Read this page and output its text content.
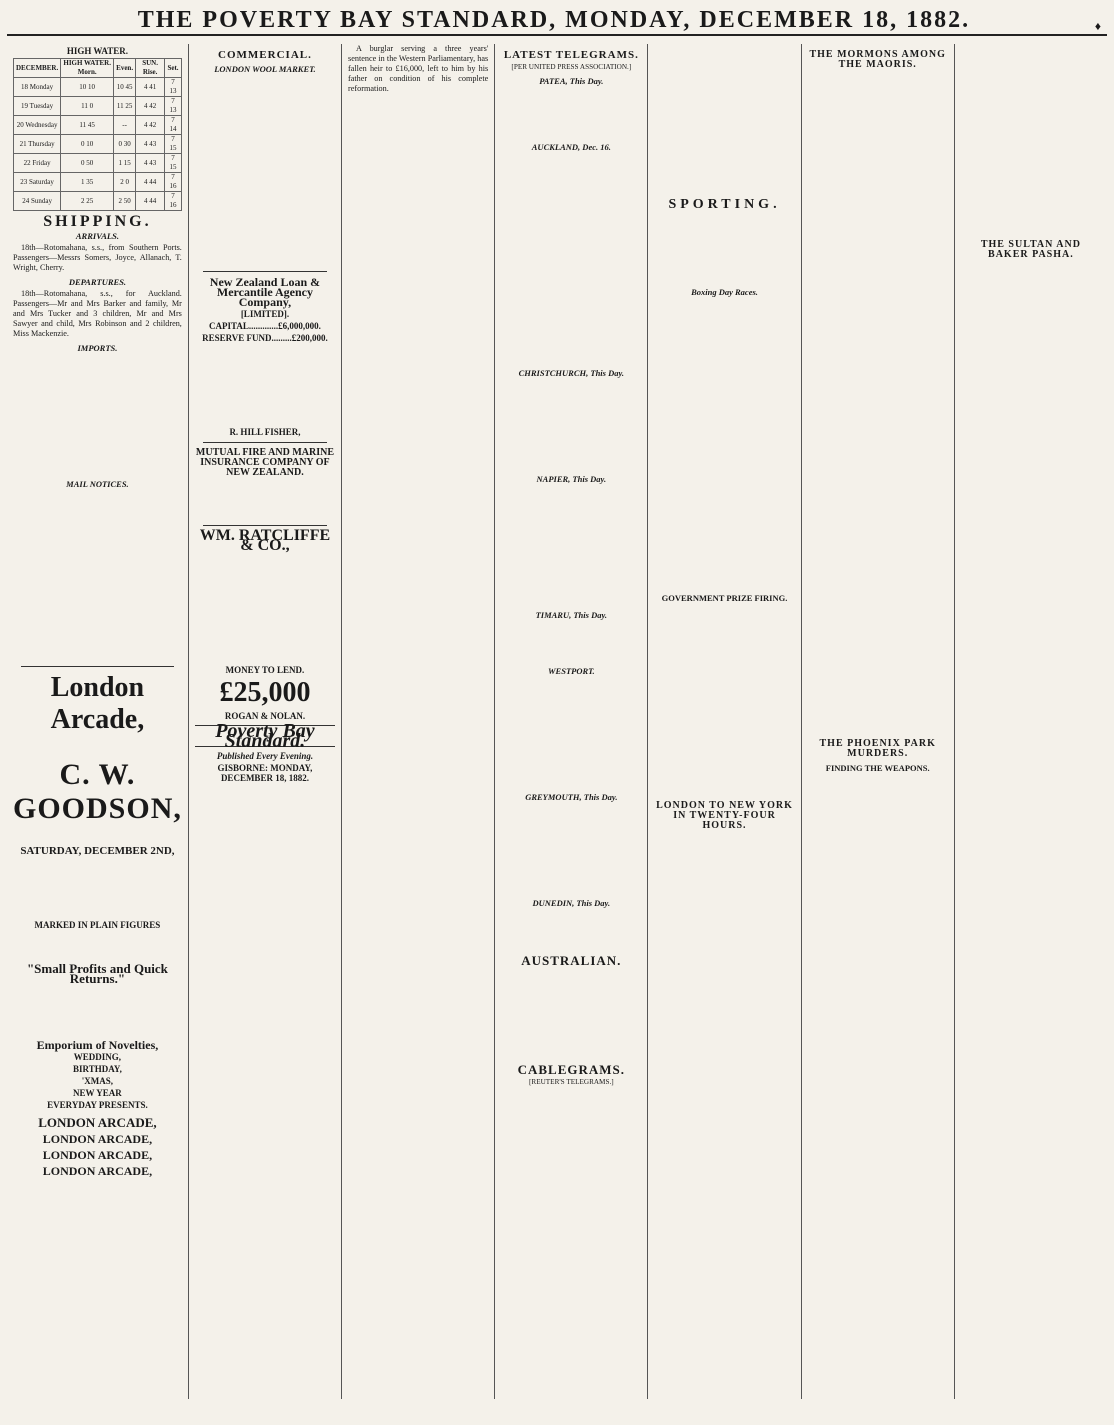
THE POVERTY BAY STANDARD, MONDAY, DECEMBER 18, 1882.	♦
HIGH WATER.
DECEMBER.	HIGH WATER. Morn.	Even.	SUN. Rise.	Set.
18 Monday	10 10	10 45	4 41	7 13
19 Tuesday	11 0	11 25	4 42	7 13
20 Wednesday	11 45	--	4 42	7 14
21 Thursday	0 10	0 30	4 43	7 15
22 Friday	0 50	1 15	4 43	7 15
23 Saturday	1 35	2 0	4 44	7 16
24 Sunday	2 25	2 50	4 44	7 16
SHIPPING.
ARRIVALS.

18th—Rotomahana, s.s., from Southern Ports. Passengers—Messrs Somers, Joyce, Allanach, T. Wright, Cherry.

DEPARTURES.

18th—Rotomahana, s.s., for Auckland. Passengers—Mr and Mrs Barker and family, Mr and Mrs Tucker and 3 children, Mr and Mrs Sawyer and child, Mrs Robinson and 2 children, Miss Mackenzie.

IMPORTS.
MAIL NOTICES.
London Arcade,
C. W. GOODSON,
SATURDAY, DECEMBER 2ND,
MARKED IN PLAIN FIGURES
"Small Profits and Quick Returns."
Emporium of Novelties,
WEDDING,
BIRTHDAY,
'XMAS,
NEW YEAR
EVERYDAY PRESENTS.
LONDON ARCADE,
LONDON ARCADE,
LONDON ARCADE,
LONDON ARCADE,
COMMERCIAL.
LONDON WOOL MARKET.
New Zealand Loan & Mercantile Agency Company,
[LIMITED].
CAPITAL.............£6,000,000.
RESERVE FUND.........£200,000.
R. HILL FISHER,
MUTUAL FIRE AND MARINE INSURANCE COMPANY OF NEW ZEALAND.
WM. RATCLIFFE & CO.,
MONEY TO LEND.
£25,000
ROGAN & NOLAN.
Poverty Bay Standard.
Published Every Evening.
GISBORNE: MONDAY, DECEMBER 18, 1882.

A burglar serving a three years' sentence in the Western Parliamentary, has fallen heir to £16,000, left to him by his father on condition of his complete reformation.

LATEST TELEGRAMS.
[PER UNITED PRESS ASSOCIATION.]
PATEA, This Day.
AUCKLAND, Dec. 16.
CHRISTCHURCH, This Day.
NAPIER, This Day.
TIMARU, This Day.
WESTPORT.
GREYMOUTH, This Day.
DUNEDIN, This Day.
AUSTRALIAN.
CABLEGRAMS.
[REUTER'S TELEGRAMS.]
SPORTING.
Boxing Day Races.
GOVERNMENT PRIZE FIRING.
LONDON TO NEW YORK IN TWENTY-FOUR HOURS.
THE MORMONS AMONG THE MAORIS.
THE PHOENIX PARK MURDERS.
FINDING THE WEAPONS.
THE SULTAN AND BAKER PASHA.
